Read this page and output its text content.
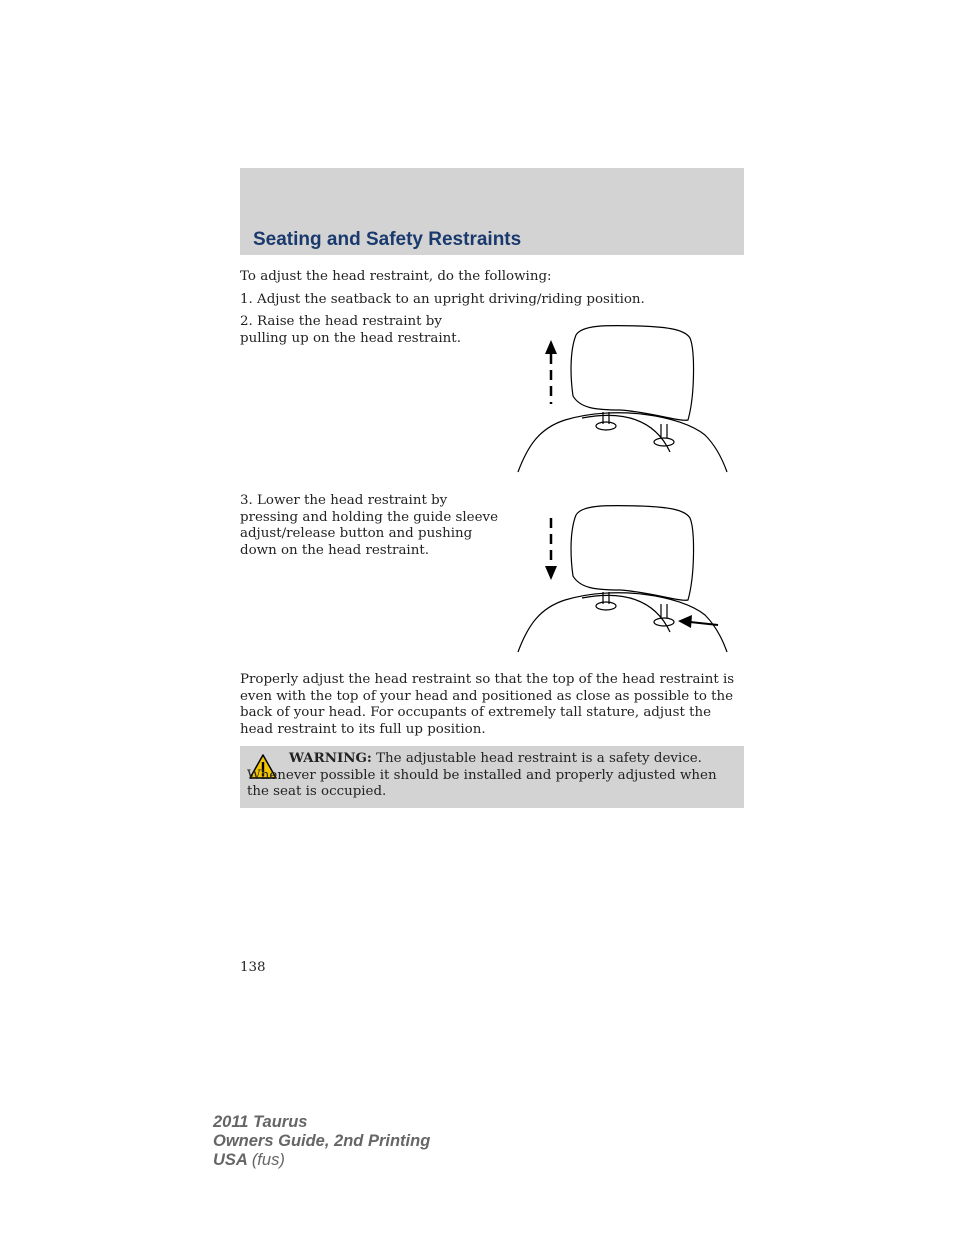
Seating and Safety Restraints

To adjust the head restraint, do the following:

1. Adjust the seatback to an upright driving/riding position.

2. Raise the head restraint by pulling up on the head restraint.

3. Lower the head restraint by pressing and holding the guide sleeve adjust/release button and pushing down on the head restraint.

Properly adjust the head restraint so that the top of the head restraint is even with the top of your head and positioned as close as possible to the back of your head. For occupants of extremely tall stature, adjust the head restraint to its full up position.

WARNING: The adjustable head restraint is a safety device. Whenever possible it should be installed and properly adjusted when the seat is occupied.

138
2011 Taurus
Owners Guide, 2nd Printing
USA (fus)
